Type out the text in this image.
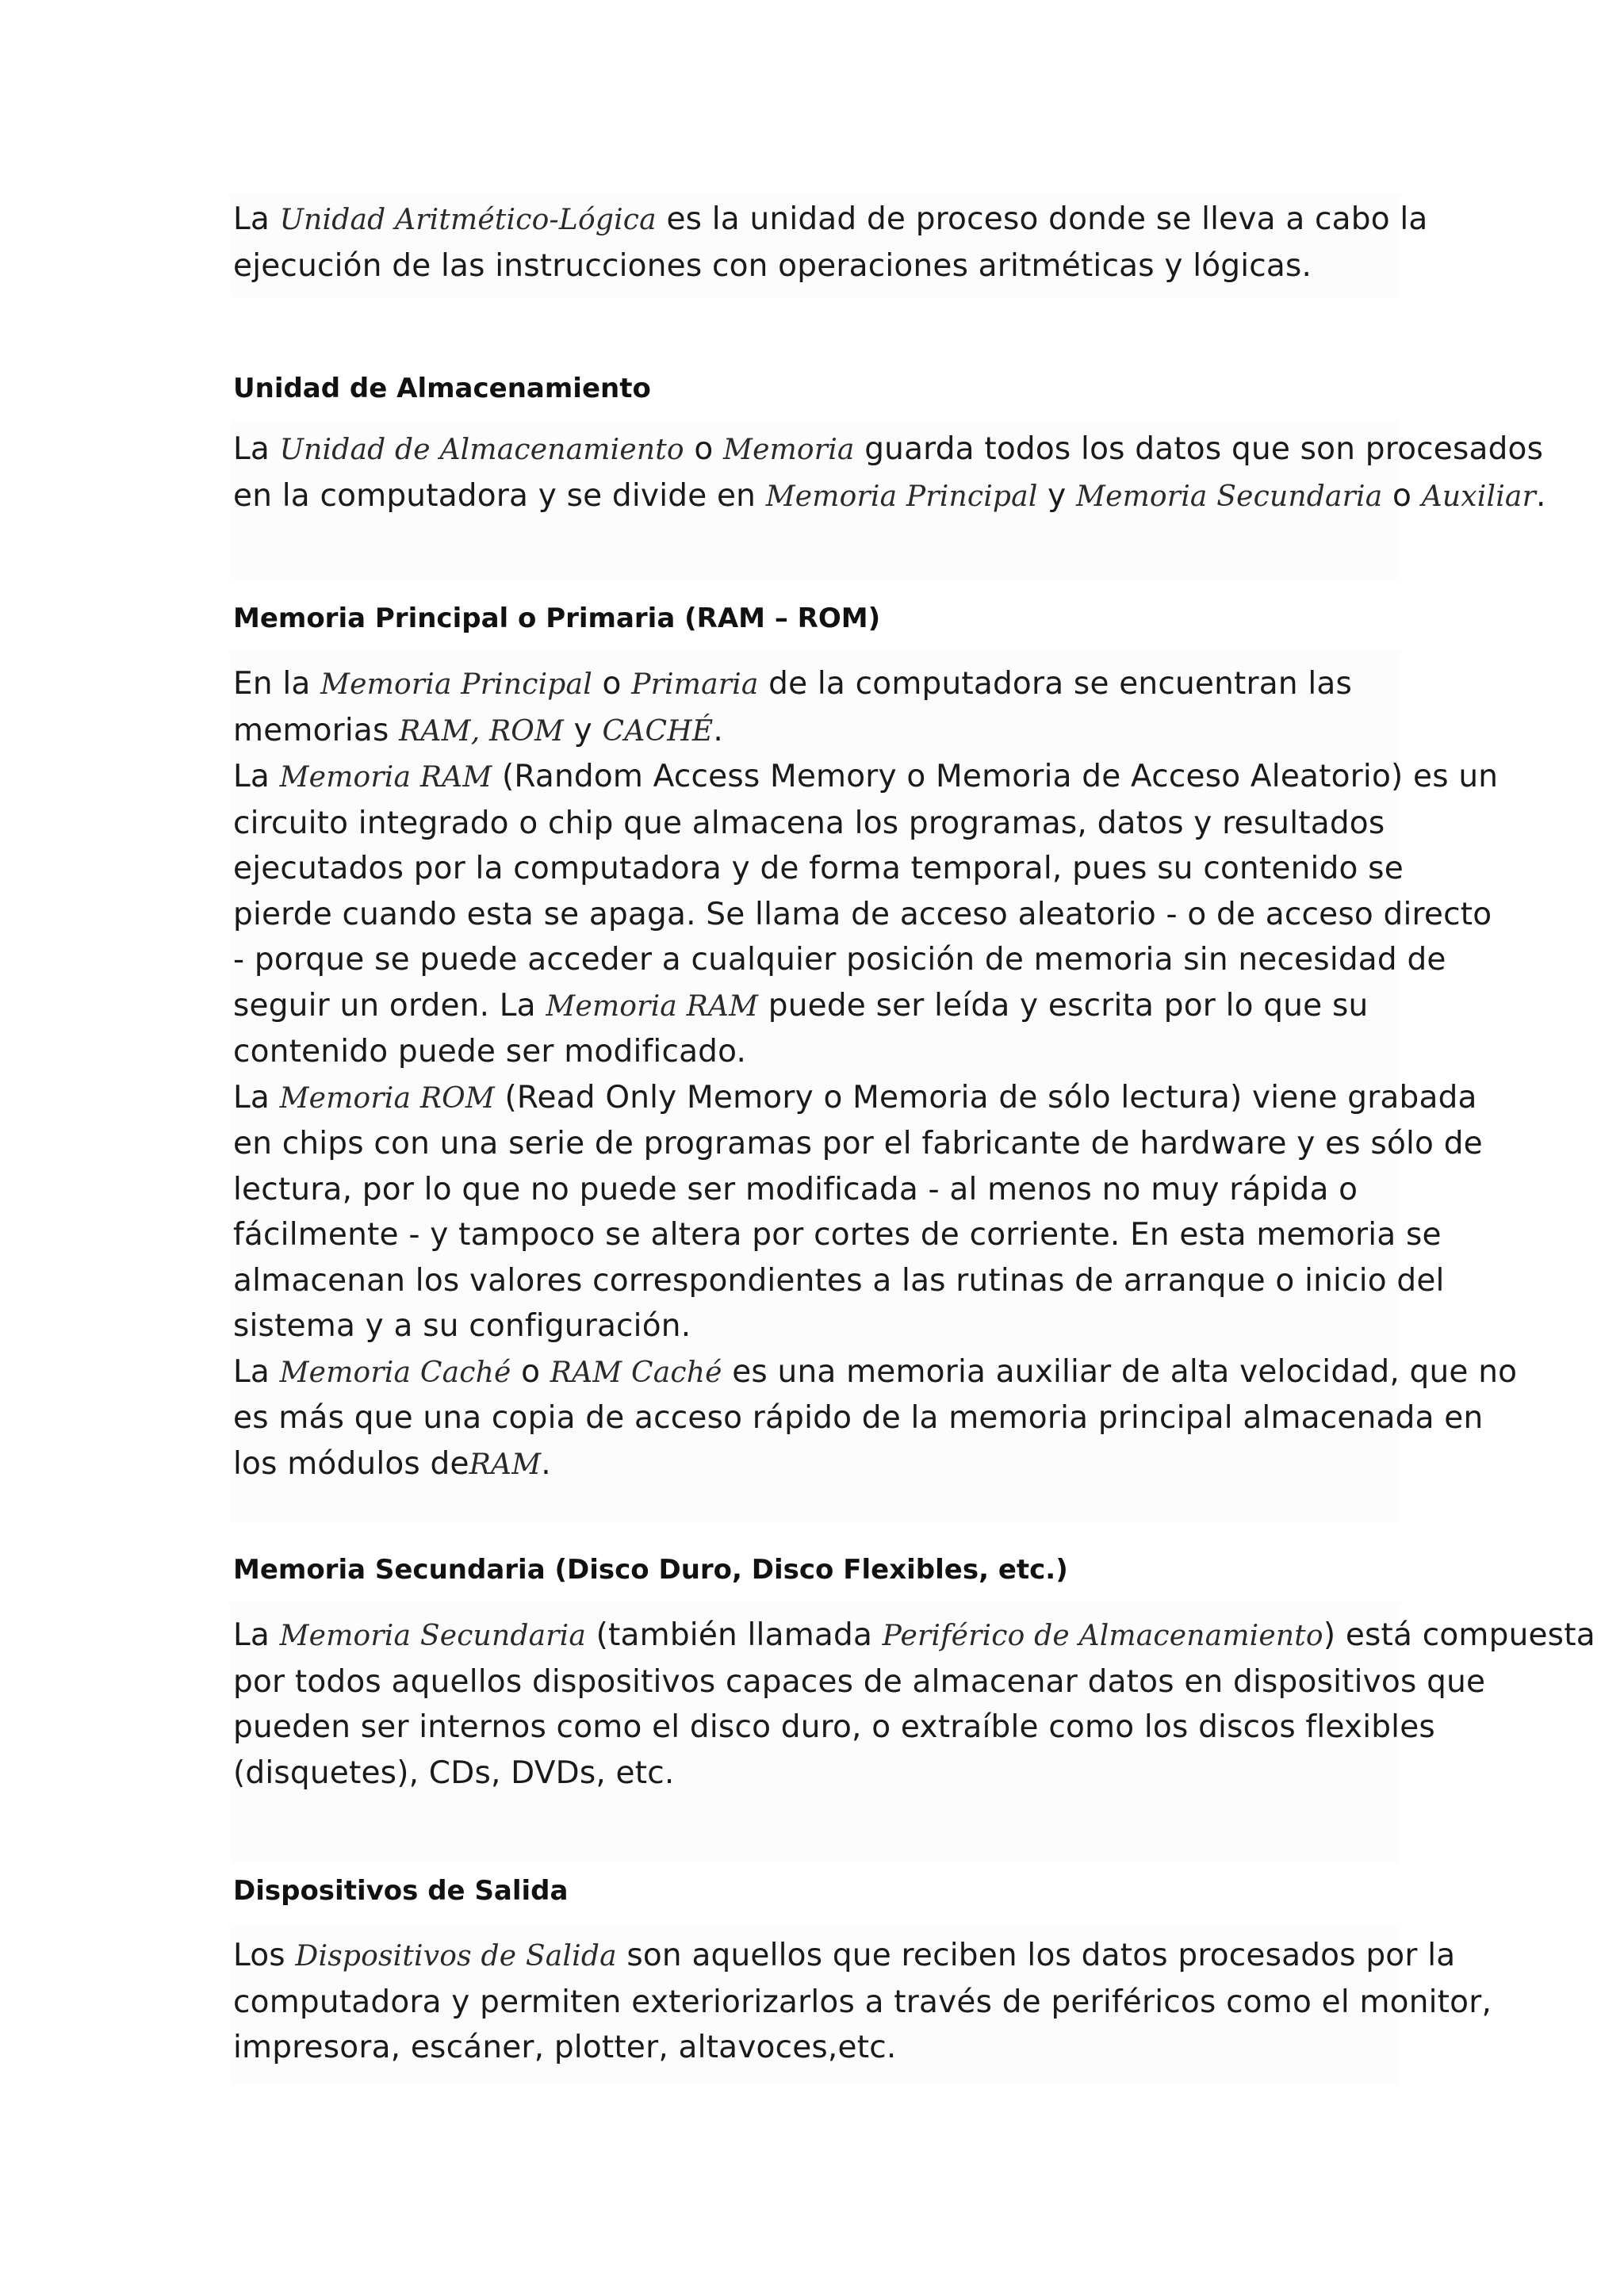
La Unidad Aritmético-Lógica es la unidad de proceso donde se lleva a cabo la
ejecución de las instrucciones con operaciones aritméticas y lógicas.

Unidad de Almacenamiento

La Unidad de Almacenamiento o Memoria guarda todos los datos que son procesados
en la computadora y se divide en Memoria Principal y Memoria Secundaria o Auxiliar.

Memoria Principal o Primaria (RAM – ROM)

En la Memoria Principal o Primaria de la computadora se encuentran las
memorias RAM, ROM y CACHÉ.
La Memoria RAM (Random Access Memory o Memoria de Acceso Aleatorio) es un
circuito integrado o chip que almacena los programas, datos y resultados
ejecutados por la computadora y de forma temporal, pues su contenido se
pierde cuando esta se apaga. Se llama de acceso aleatorio - o de acceso directo
- porque se puede acceder a cualquier posición de memoria sin necesidad de
seguir un orden. La Memoria RAM puede ser leída y escrita por lo que su
contenido puede ser modificado.
La Memoria ROM (Read Only Memory o Memoria de sólo lectura) viene grabada
en chips con una serie de programas por el fabricante de hardware y es sólo de
lectura, por lo que no puede ser modificada - al menos no muy rápida o
fácilmente - y tampoco se altera por cortes de corriente. En esta memoria se
almacenan los valores correspondientes a las rutinas de arranque o inicio del
sistema y a su configuración.
La Memoria Caché o RAM Caché es una memoria auxiliar de alta velocidad, que no
es más que una copia de acceso rápido de la memoria principal almacenada en
los módulos deRAM.

Memoria Secundaria (Disco Duro, Disco Flexibles, etc.)

La Memoria Secundaria (también llamada Periférico de Almacenamiento) está compuesta
por todos aquellos dispositivos capaces de almacenar datos en dispositivos que
pueden ser internos como el disco duro, o extraíble como los discos flexibles
(disquetes), CDs, DVDs, etc.

Dispositivos de Salida

Los Dispositivos de Salida son aquellos que reciben los datos procesados por la
computadora y permiten exteriorizarlos a través de periféricos como el monitor,
impresora, escáner, plotter, altavoces,etc.
